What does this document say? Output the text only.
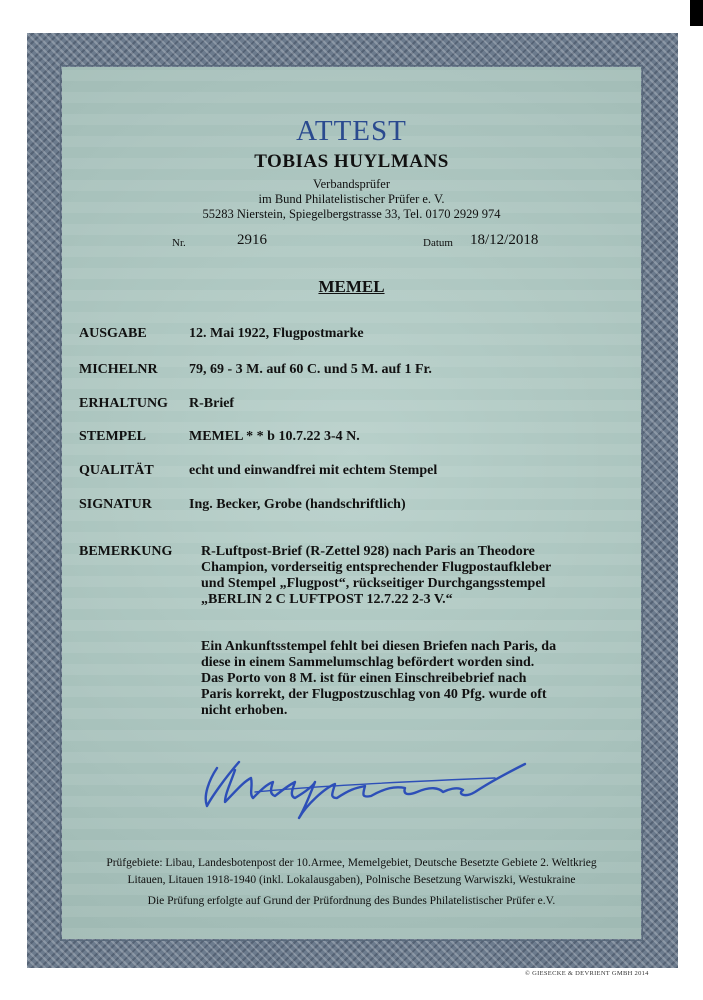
ATTEST
TOBIAS HUYLMANS
Verbandsprüfer
im Bund Philatelistischer Prüfer e. V.
55283 Nierstein, Spiegelbergstrasse 33, Tel. 0170 2929 974
Nr.	2916	Datum 18/12/2018
MEMEL
AUSGABE	12. Mai 1922, Flugpostmarke
MICHELNR 79, 69 - 3 M. auf 60 C. und 5 M. auf 1 Fr.
ERHALTUNG R-Brief
STEMPEL	MEMEL * * b 10.7.22 3-4 N.
QUALITÄT	echt und einwandfrei mit echtem Stempel
SIGNATUR	Ing. Becker, Grobe (handschriftlich)
BEMERKUNG R-Luftpost-Brief (R-Zettel 928) nach Paris an Theodore
Champion, vorderseitig entsprechender Flugpostaufkleber
und Stempel „Flugpost“, rückseitiger Durchgangsstempel
„BERLIN 2 C LUFTPOST 12.7.22 2-3 V.“
Ein Ankunftsstempel fehlt bei diesen Briefen nach Paris, da
diese in einem Sammelumschlag befördert worden sind.
Das Porto von 8 M. ist für einen Einschreibebrief nach
Paris korrekt, der Flugpostzuschlag von 40 Pfg. wurde oft
nicht erhoben.
Prüfgebiete: Libau, Landesbotenpost der 10.Armee, Memelgebiet, Deutsche Besetzte Gebiete 2. Weltkrieg
Litauen, Litauen 1918-1940 (inkl. Lokalausgaben), Polnische Besetzung Warwiszki, Westukraine
Die Prüfung erfolgte auf Grund der Prüfordnung des Bundes Philatelistischer Prüfer e.V.
© GIESECKE & DEVRIENT GMBH 2014
